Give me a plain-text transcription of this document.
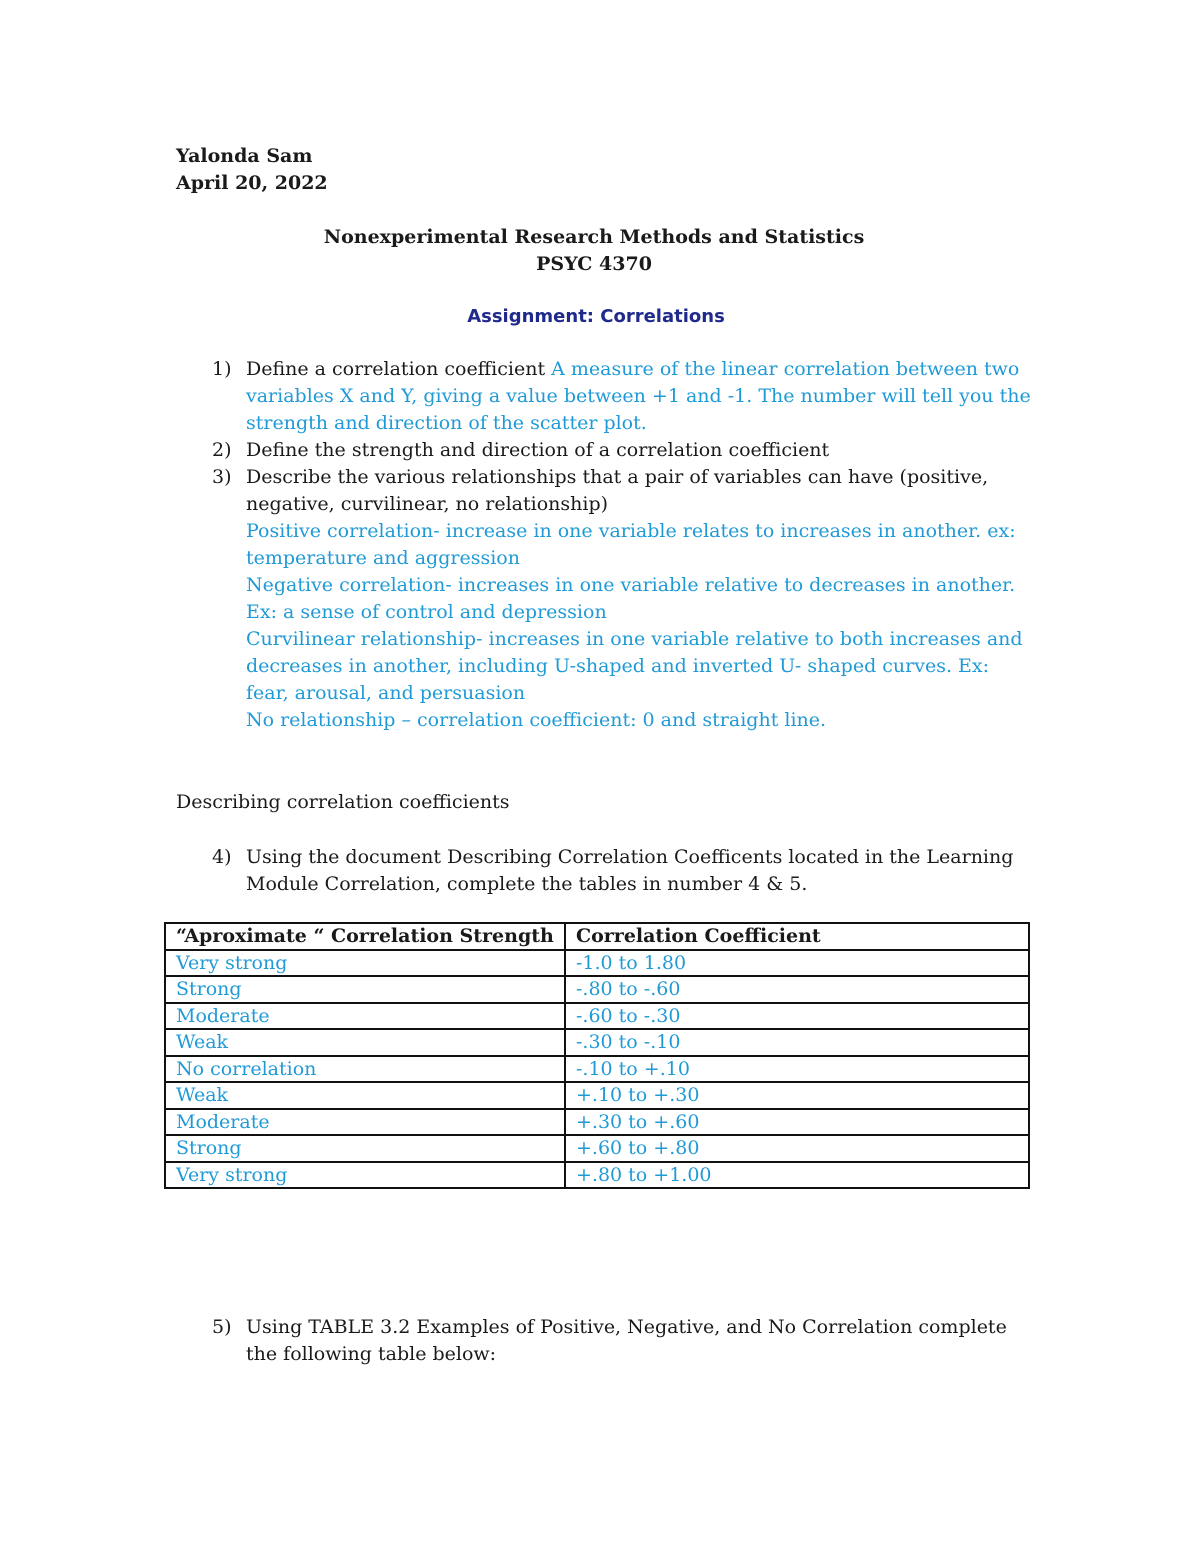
Yalonda Sam
April 20, 2022
Nonexperimental Research Methods and Statistics
PSYC 4370
Assignment: Correlations
1) Define a correlation coefficient A measure of the linear correlation between two variables X and Y, giving a value between +1 and -1. The number will tell you the strength and direction of the scatter plot.
2) Define the strength and direction of a correlation coefficient
3) Describe the various relationships that a pair of variables can have (positive, negative, curvilinear, no relationship)
Positive correlation- increase in one variable relates to increases in another. ex: temperature and aggression
Negative correlation- increases in one variable relative to decreases in another. Ex: a sense of control and depression
Curvilinear relationship- increases in one variable relative to both increases and decreases in another, including U-shaped and inverted U- shaped curves. Ex: fear, arousal, and persuasion
No relationship – correlation coefficient: 0 and straight line.
Describing correlation coefficients
4) Using the document Describing Correlation Coefficents located in the Learning Module Correlation, complete the tables in number 4 & 5.
“Aproximate “ Correlation Strength	Correlation Coefficient
Very strong	-1.0 to 1.80
Strong	-.80 to -.60
Moderate	-.60 to -.30
Weak	-.30 to -.10
No correlation	-.10 to +.10
Weak	+.10 to +.30
Moderate	+.30 to +.60
Strong	+.60 to +.80
Very strong	+.80 to +1.00
5) Using TABLE 3.2 Examples of Positive, Negative, and No Correlation complete the following table below:
